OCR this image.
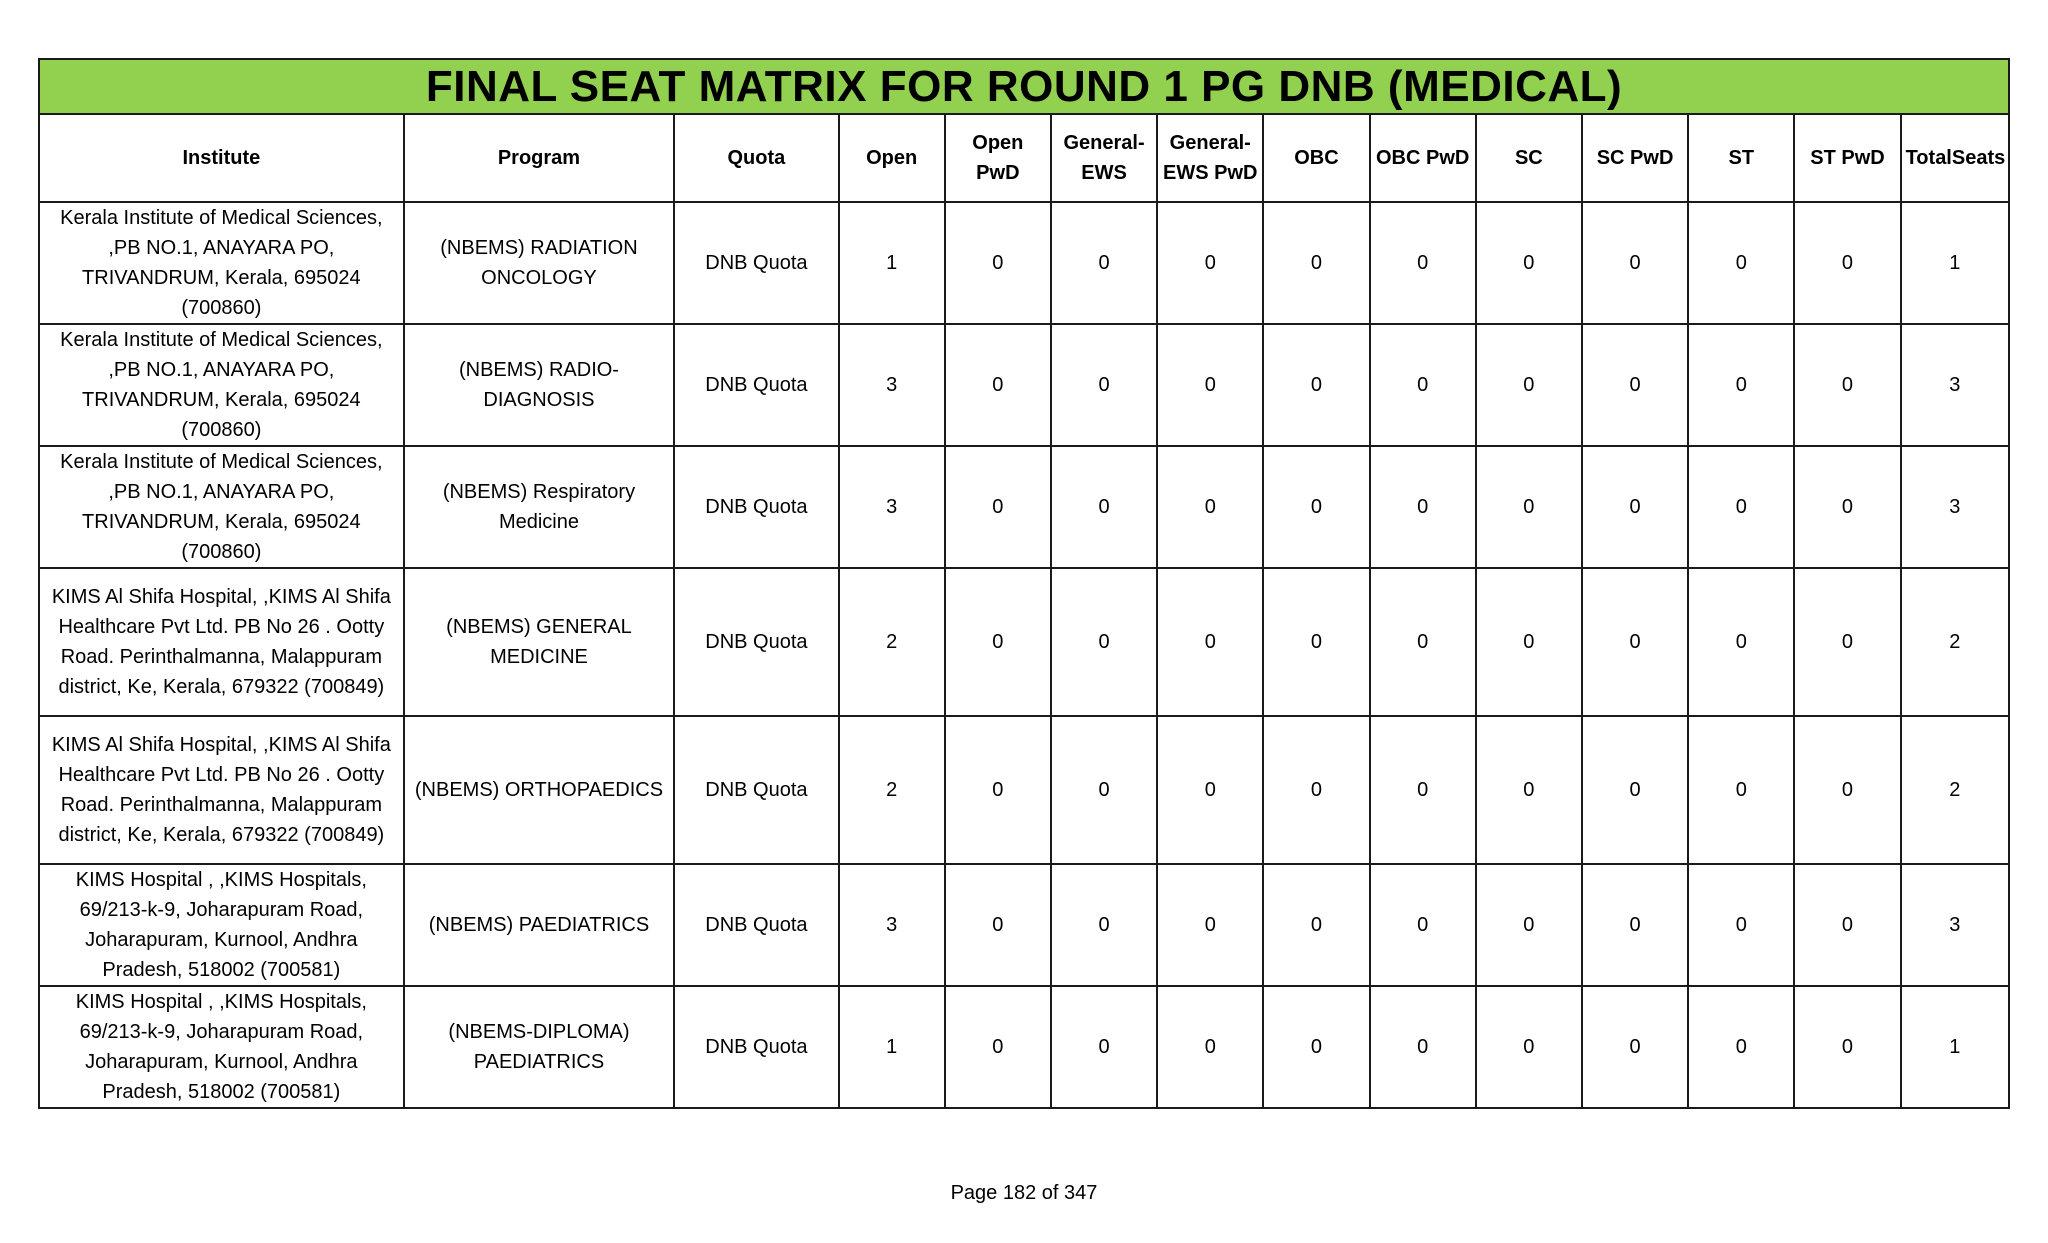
FINAL SEAT MATRIX FOR ROUND 1 PG DNB (MEDICAL)													
Institute	Program	Quota	Open	Open PwD	General-EWS	General-EWS PwD	OBC	OBC PwD	SC	SC PwD	ST	ST PwD	TotalSeats
Kerala Institute of Medical Sciences, ,PB NO.1, ANAYARA PO, TRIVANDRUM, Kerala, 695024 (700860)	(NBEMS) RADIATION ONCOLOGY	DNB Quota	1	0	0	0	0	0	0	0	0	0	1
Kerala Institute of Medical Sciences, ,PB NO.1, ANAYARA PO, TRIVANDRUM, Kerala, 695024 (700860)	(NBEMS) RADIO-DIAGNOSIS	DNB Quota	3	0	0	0	0	0	0	0	0	0	3
Kerala Institute of Medical Sciences, ,PB NO.1, ANAYARA PO, TRIVANDRUM, Kerala, 695024 (700860)	(NBEMS) Respiratory Medicine	DNB Quota	3	0	0	0	0	0	0	0	0	0	3
KIMS Al Shifa Hospital, ,KIMS Al Shifa Healthcare Pvt Ltd. PB No 26 . Ootty Road. Perinthalmanna, Malappuram district, Ke, Kerala, 679322 (700849)	(NBEMS) GENERAL MEDICINE	DNB Quota	2	0	0	0	0	0	0	0	0	0	2
KIMS Al Shifa Hospital, ,KIMS Al Shifa Healthcare Pvt Ltd. PB No 26 . Ootty Road. Perinthalmanna, Malappuram district, Ke, Kerala, 679322 (700849)	(NBEMS) ORTHOPAEDICS	DNB Quota	2	0	0	0	0	0	0	0	0	0	2
KIMS Hospital , ,KIMS Hospitals, 69/213-k-9, Joharapuram Road, Joharapuram, Kurnool, Andhra Pradesh, 518002 (700581)	(NBEMS) PAEDIATRICS	DNB Quota	3	0	0	0	0	0	0	0	0	0	3
KIMS Hospital , ,KIMS Hospitals, 69/213-k-9, Joharapuram Road, Joharapuram, Kurnool, Andhra Pradesh, 518002 (700581)	(NBEMS-DIPLOMA) PAEDIATRICS	DNB Quota	1	0	0	0	0	0	0	0	0	0	1
Page 182 of 347
